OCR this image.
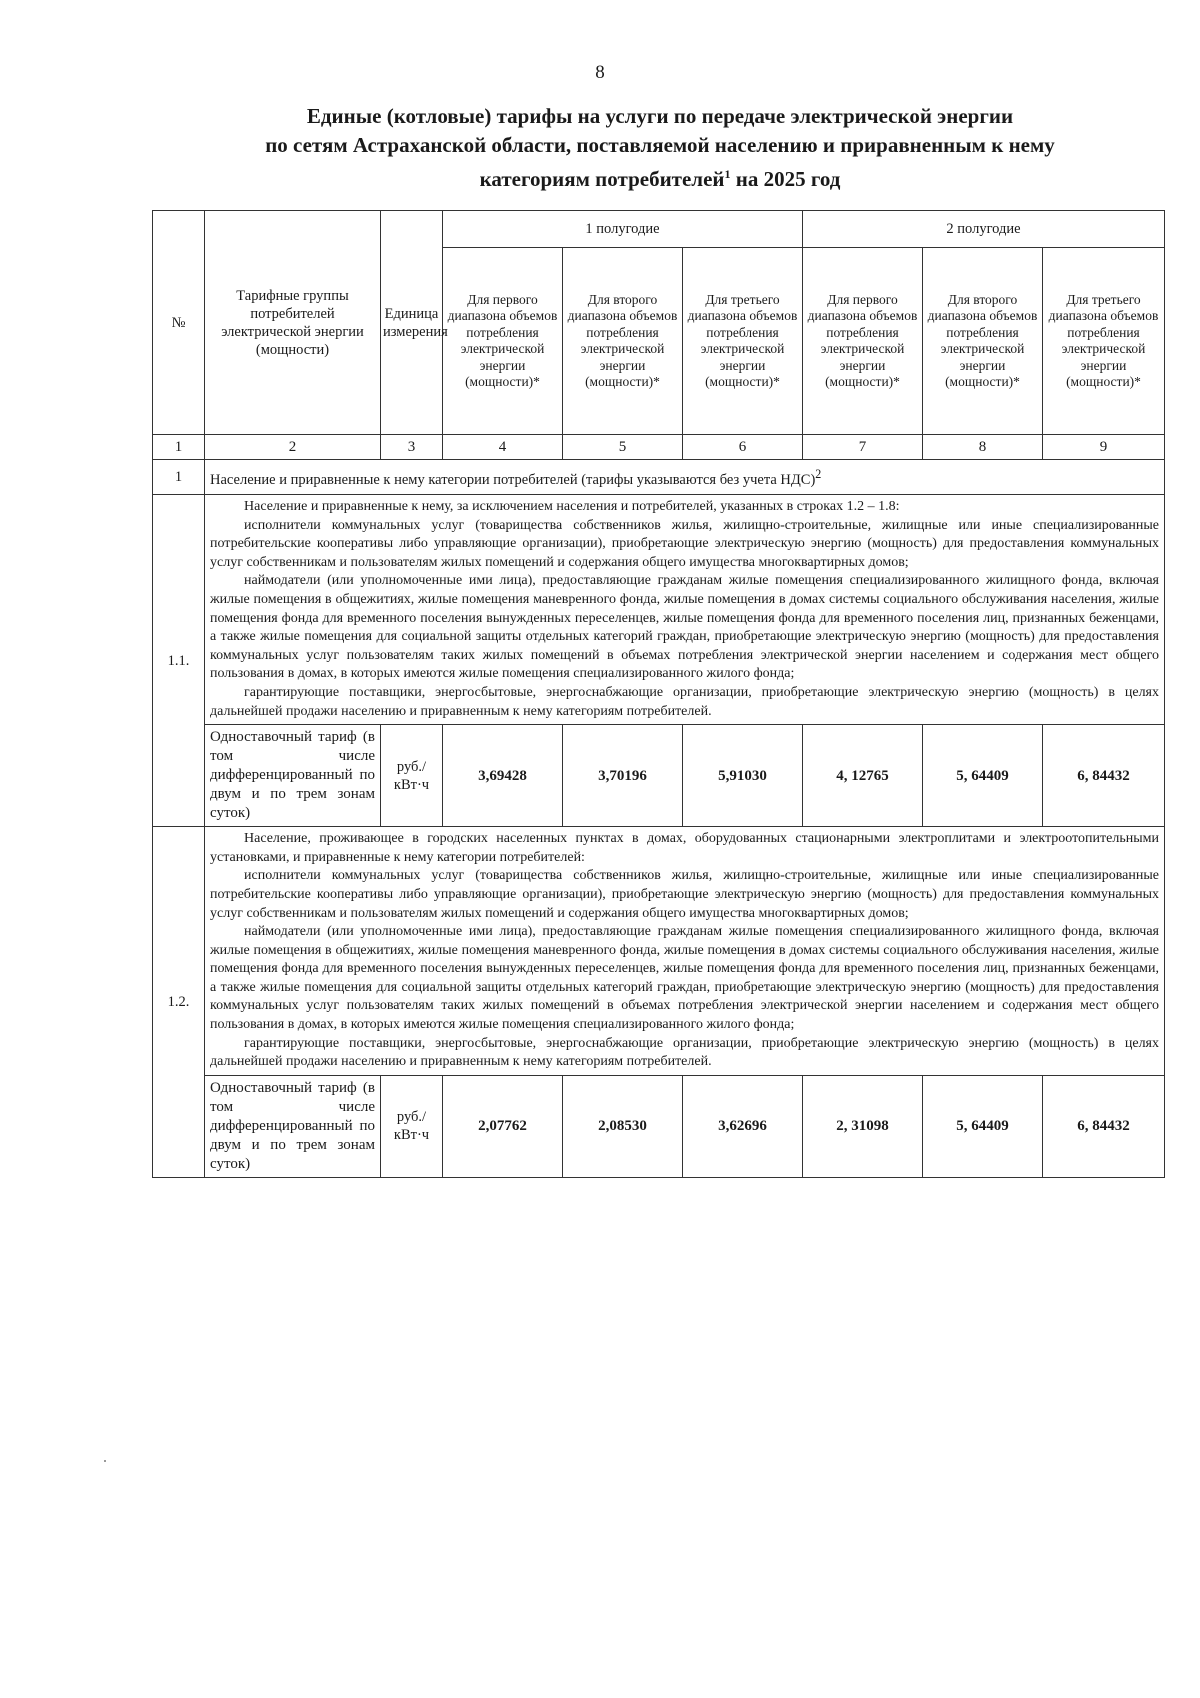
8
Единые (котловые) тарифы на услуги по передаче электрической энергии
по сетям Астраханской области, поставляемой населению и приравненным к нему
категориям потребителей$^1$ на 2025 год
№	Тарифные группы потребителей электрической энергии (мощности)	Единица измерения	1 полугодие			2 полугодие		
			Для первого диапазона объемов потребления электрической энергии (мощности)*	Для второго диапазона объемов потребления электрической энергии (мощности)*	Для третьего диапазона объемов потребления электрической энергии (мощности)*	Для первого диапазона объемов потребления электрической энергии (мощности)*	Для второго диапазона объемов потребления электрической энергии (мощности)*	Для третьего диапазона объемов потребления электрической энергии (мощности)*
1	2	3	4	5	6	7	8	9
1	Население и приравненные к нему категории потребителей (тарифы указываются без учета НДС)$^2$
1.1.	Население и приравненные к нему, за исключением населения и потребителей, указанных в строках 1.2 – 1.8:

исполнители коммунальных услуг (товарищества собственников жилья, жилищно-строительные, жилищные или иные специализированные потребительские кооперативы либо управляющие организации), приобретающие электрическую энергию (мощность) для предоставления коммунальных услуг собственникам и пользователям жилых помещений и содержания общего имущества многоквартирных домов;

наймодатели (или уполномоченные ими лица), предоставляющие гражданам жилые помещения специализированного жилищного фонда, включая жилые помещения в общежитиях, жилые помещения маневренного фонда, жилые помещения в домах системы социального обслуживания населения, жилые помещения фонда для временного поселения вынужденных переселенцев, жилые помещения фонда для временного поселения лиц, признанных беженцами, а также жилые помещения для социальной защиты отдельных категорий граждан, приобретающие электрическую энергию (мощность) для предоставления коммунальных услуг пользователям таких жилых помещений в объемах потребления электрической энергии населением и содержания мест общего пользования в домах, в которых имеются жилые помещения специализированного жилого фонда;

гарантирующие поставщики, энергосбытовые, энергоснабжающие организации, приобретающие электрическую энергию (мощность) в целях дальнейшей продажи населению и приравненным к нему категориям потребителей.							

	Одноставочный тариф (в том числе дифференцированный по двум и по трем зонам суток)	руб./ кВт·ч	3,69428	3,70196	5,91030	4, 12765	5, 64409	6, 84432
1.2.	Население, проживающее в городских населенных пунктах в домах, оборудованных стационарными электроплитами и электроотопительными установками, и приравненные к нему категории потребителей:

исполнители коммунальных услуг (товарищества собственников жилья, жилищно-строительные, жилищные или иные специализированные потребительские кооперативы либо управляющие организации), приобретающие электрическую энергию (мощность) для предоставления коммунальных услуг собственникам и пользователям жилых помещений и содержания общего имущества многоквартирных домов;

наймодатели (или уполномоченные ими лица), предоставляющие гражданам жилые помещения специализированного жилищного фонда, включая жилые помещения в общежитиях, жилые помещения маневренного фонда, жилые помещения в домах системы социального обслуживания населения, жилые помещения фонда для временного поселения вынужденных переселенцев, жилые помещения фонда для временного поселения лиц, признанных беженцами, а также жилые помещения для социальной защиты отдельных категорий граждан, приобретающие электрическую энергию (мощность) для предоставления коммунальных услуг пользователям таких жилых помещений в объемах потребления электрической энергии населением и содержания мест общего пользования в домах, в которых имеются жилые помещения специализированного жилого фонда;

гарантирующие поставщики, энергосбытовые, энергоснабжающие организации, приобретающие электрическую энергию (мощность) в целях дальнейшей продажи населению и приравненным к нему категориям потребителей.							

	Одноставочный тариф (в том числе дифференцированный по двум и по трем зонам суток)	руб./ кВт·ч	2,07762	2,08530	3,62696	2, 31098	5, 64409	6, 84432
